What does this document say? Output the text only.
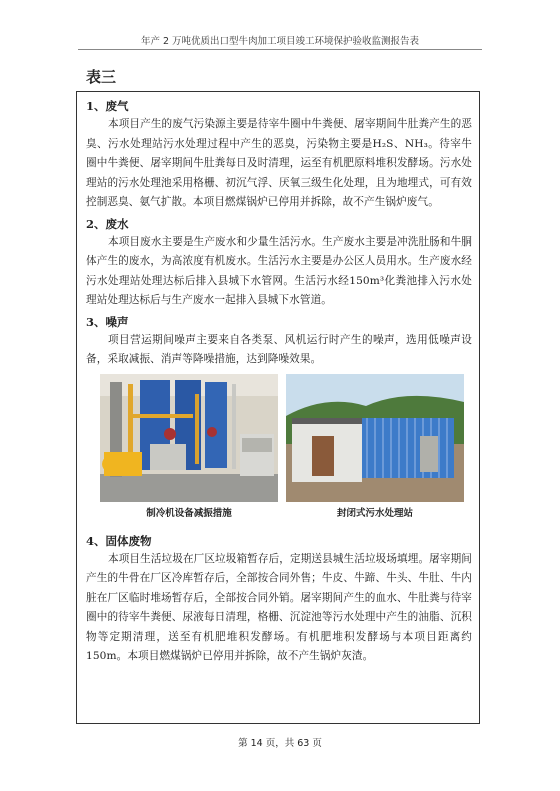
年产 2 万吨优质出口型牛肉加工项目竣工环境保护验收监测报告表
表三
1、废气

本项目产生的废气污染源主要是待宰牛圈中牛粪便、屠宰期间牛肚粪产生的恶臭、污水处理站污水处理过程中产生的恶臭，污染物主要是H₂S、NH₃。待宰牛圈中牛粪便、屠宰期间牛肚粪每日及时清理，运至有机肥原料堆积发酵场。污水处理站的污水处理池采用格栅、初沉气浮、厌氧三级生化处理，且为地埋式，可有效控制恶臭、氨气扩散。本项目燃煤锅炉已停用并拆除，故不产生锅炉废气。

2、废水

本项目废水主要是生产废水和少量生活污水。生产废水主要是冲洗肚肠和牛胴体产生的废水，为高浓度有机废水。生活污水主要是办公区人员用水。生产废水经污水处理站处理达标后排入县城下水管网。生活污水经150m³化粪池排入污水处理站处理达标后与生产废水一起排入县城下水管道。

3、噪声

项目营运期间噪声主要来自各类泵、风机运行时产生的噪声，选用低噪声设备，采取减振、消声等降噪措施，达到降噪效果。

制冷机设备减振措施	封闭式污水处理站
4、固体废物

本项目生活垃圾在厂区垃圾箱暂存后，定期送县城生活垃圾场填埋。屠宰期间产生的牛骨在厂区冷库暂存后，全部按合同外售；牛皮、牛蹄、牛头、牛肚、牛内脏在厂区临时堆场暂存后，全部按合同外销。屠宰期间产生的血水、牛肚粪与待宰圈中的待宰牛粪便、尿液每日清理，格栅、沉淀池等污水处理中产生的油脂、沉积物等定期清理，送至有机肥堆积发酵场。有机肥堆积发酵场与本项目距离约150m。本项目燃煤锅炉已停用并拆除，故不产生锅炉灰渣。

第 14 页，共 63 页
